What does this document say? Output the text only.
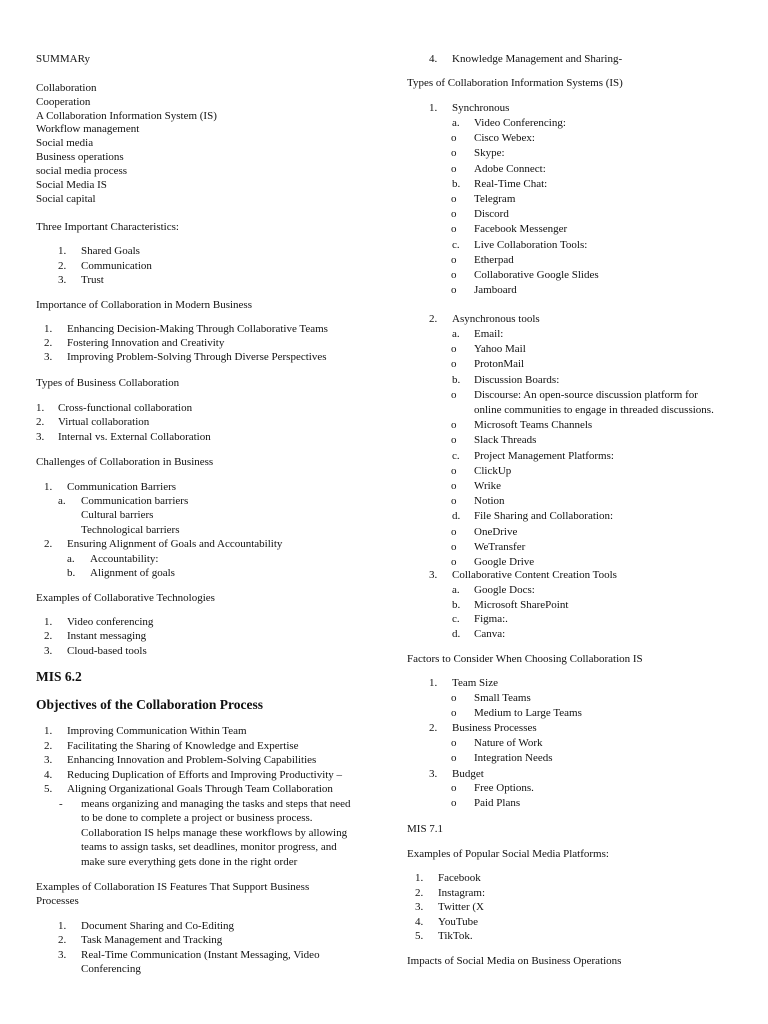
SUMMARy
Collaboration
Cooperation
A Collaboration Information System (IS)
Workflow management
Social media
Business operations
social media process
Social Media IS
Social capital
Three Important Characteristics:
1. Shared Goals
2. Communication
3. Trust
Importance of Collaboration in Modern Business
1. Enhancing Decision-Making Through Collaborative Teams
2. Fostering Innovation and Creativity
3. Improving Problem-Solving Through Diverse Perspectives
Types of Business Collaboration
1. Cross-functional collaboration
2. Virtual collaboration
3. Internal vs. External Collaboration
Challenges of Collaboration in Business
1. Communication Barriers
a. Communication barriers
Cultural barriers
Technological barriers
2. Ensuring Alignment of Goals and Accountability
a. Accountability:
b. Alignment of goals
Examples of Collaborative Technologies
1. Video conferencing
2. Instant messaging
3. Cloud-based tools
MIS 6.2
Objectives of the Collaboration Process
1. Improving Communication Within Team
2. Facilitating the Sharing of Knowledge and Expertise
3. Enhancing Innovation and Problem-Solving Capabilities
4. Reducing Duplication of Efforts and Improving Productivity –
5. Aligning Organizational Goals Through Team Collaboration
- means organizing and managing the tasks and steps that need
to be done to complete a project or business process.
Collaboration IS helps manage these workflows by allowing
teams to assign tasks, set deadlines, monitor progress, and
make sure everything gets done in the right order
Examples of Collaboration IS Features That Support Business
Processes
1. Document Sharing and Co-Editing
2. Task Management and Tracking
3. Real-Time Communication (Instant Messaging, Video
Conferencing
4. Knowledge Management and Sharing-
Types of Collaboration Information Systems (IS)
1. Synchronous
a. Video Conferencing:
o Cisco Webex:
o Skype:
o Adobe Connect:
b. Real-Time Chat:
o Telegram
o Discord
o Facebook Messenger
c. Live Collaboration Tools:
o Etherpad
o Collaborative Google Slides
o Jamboard
2. Asynchronous tools
a. Email:
o Yahoo Mail
o ProtonMail
b. Discussion Boards:
o Discourse: An open-source discussion platform for
online communities to engage in threaded discussions.
o Microsoft Teams Channels
o Slack Threads
c. Project Management Platforms:
o ClickUp
o Wrike
o Notion
d. File Sharing and Collaboration:
o OneDrive
o WeTransfer
o Google Drive
3. Collaborative Content Creation Tools
a. Google Docs:
b. Microsoft SharePoint
c. Figma:.
d. Canva:
Factors to Consider When Choosing Collaboration IS
1. Team Size
o Small Teams
o Medium to Large Teams
2. Business Processes
o Nature of Work
o Integration Needs
3. Budget
o Free Options.
o Paid Plans
MIS 7.1
Examples of Popular Social Media Platforms:
1. Facebook
2. Instagram:
3. Twitter (X
4. YouTube
5. TikTok.
Impacts of Social Media on Business Operations
